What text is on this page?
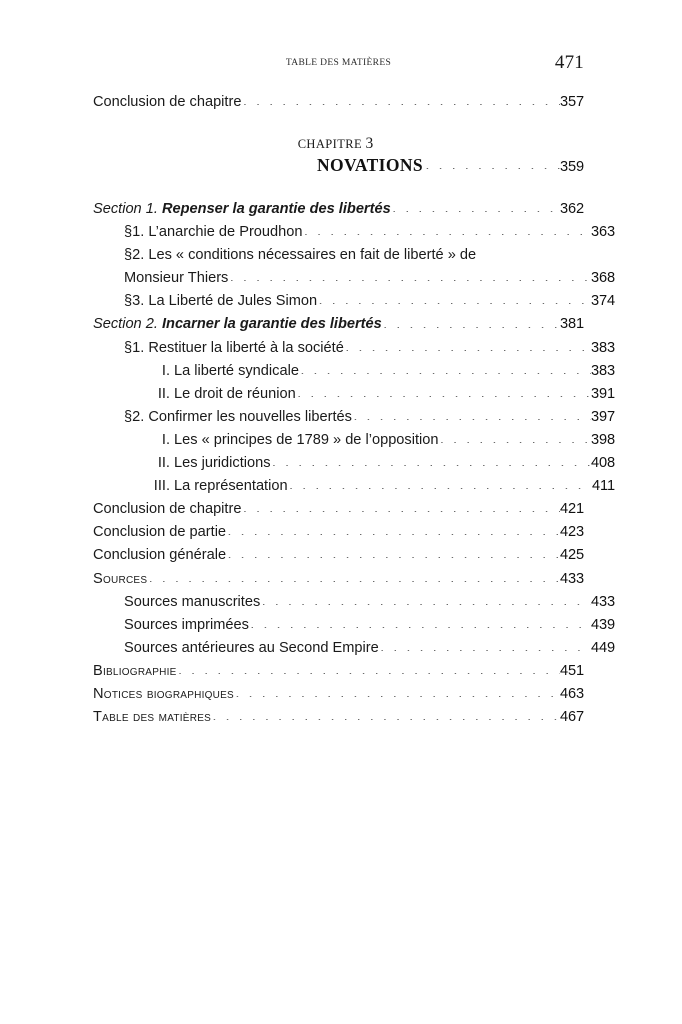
TABLE DES MATIÈRES	471
Conclusion de chapitre · · ·	357
CHAPITRE 3
NOVATIONS · · ·	359
Section 1. Repenser la garantie des libertés · · ·	362
§1. L’anarchie de Proudhon · · ·	363
§2. Les « conditions nécessaires en fait de liberté » de
Monsieur Thiers · · ·	368
§3. La Liberté de Jules Simon · · ·	374
Section 2. Incarner la garantie des libertés · · ·	381
§1. Restituer la liberté à la société · · ·	383
I. La liberté syndicale · · ·	383
II. Le droit de réunion · · ·	391
§2. Confirmer les nouvelles libertés · · ·	397
I. Les « principes de 1789 » de l’opposition · · ·	398
II. Les juridictions · · ·	408
III. La représentation · · ·	411
Conclusion de chapitre · · ·	421
Conclusion de partie · · ·	423
Conclusion générale · · ·	425
Sources · · ·	433
Sources manuscrites · · ·	433
Sources imprimées · · ·	439
Sources antérieures au Second Empire · · ·	449
Bibliographie · · ·	451
Notices biographiques · · ·	463
Table des matières · · ·	467
